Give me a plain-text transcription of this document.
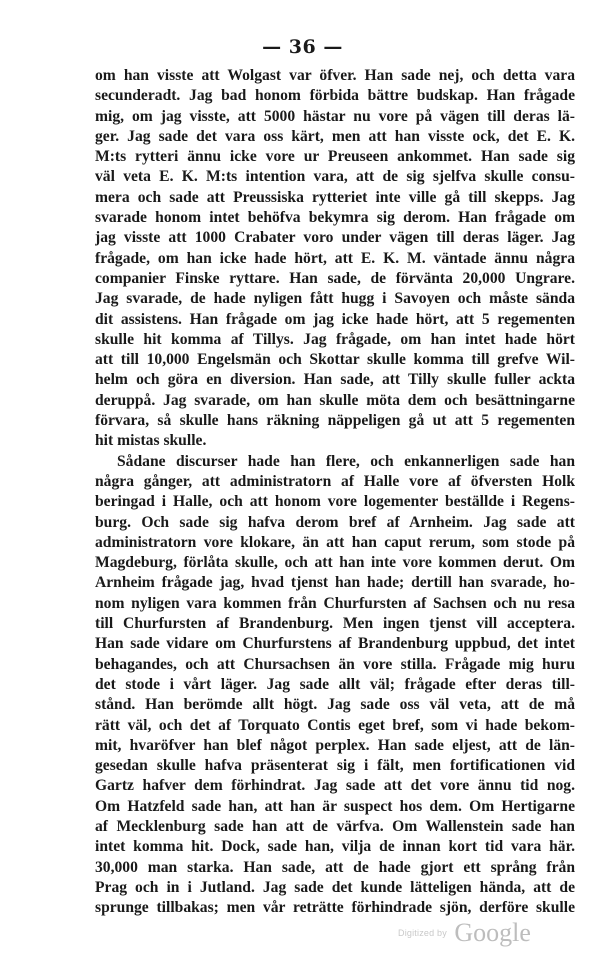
— 36 —
om han visste att Wolgast var öfver. Han sade nej, och detta vara
secunderadt. Jag bad honom förbida bättre budskap. Han frågade
mig, om jag visste, att 5000 hästar nu vore på vägen till deras lä-
ger. Jag sade det vara oss kärt, men att han visste ock, det E. K.
M:ts rytteri ännu icke vore ur Preuseen ankommet. Han sade sig
väl veta E. K. M:ts intention vara, att de sig sjelfva skulle consu-
mera och sade att Preussiska rytteriet inte ville gå till skepps. Jag
svarade honom intet behöfva bekymra sig derom. Han frågade om
jag visste att 1000 Crabater voro under vägen till deras läger. Jag
frågade, om han icke hade hört, att E. K. M. väntade ännu några
companier Finske ryttare. Han sade, de förvänta 20,000 Ungrare.
Jag svarade, de hade nyligen fått hugg i Savoyen och måste sända
dit assistens. Han frågade om jag icke hade hört, att 5 regementen
skulle hit komma af Tillys. Jag frågade, om han intet hade hört
att till 10,000 Engelsmän och Skottar skulle komma till grefve Wil-
helm och göra en diversion. Han sade, att Tilly skulle fuller ackta
deruppå. Jag svarade, om han skulle möta dem och besättningarne
förvara, så skulle hans räkning näppeligen gå ut att 5 regementen
hit mistas skulle.
Sådane discurser hade han flere, och enkannerligen sade han
några gånger, att administratorn af Halle vore af öfversten Holk
beringad i Halle, och att honom vore logementer beställde i Regens-
burg. Och sade sig hafva derom bref af Arnheim. Jag sade att
administratorn vore klokare, än att han caput rerum, som stode på
Magdeburg, förlåta skulle, och att han inte vore kommen derut. Om
Arnheim frågade jag, hvad tjenst han hade; dertill han svarade, ho-
nom nyligen vara kommen från Churfursten af Sachsen och nu resa
till Churfursten af Brandenburg. Men ingen tjenst vill acceptera.
Han sade vidare om Churfurstens af Brandenburg uppbud, det intet
behagandes, och att Chursachsen än vore stilla. Frågade mig huru
det stode i vårt läger. Jag sade allt väl; frågade efter deras till-
stånd. Han berömde allt högt. Jag sade oss väl veta, att de må
rätt väl, och det af Torquato Contis eget bref, som vi hade bekom-
mit, hvaröfver han blef något perplex. Han sade eljest, att de län-
gesedan skulle hafva präsenterat sig i fält, men fortificationen vid
Gartz hafver dem förhindrat. Jag sade att det vore ännu tid nog.
Om Hatzfeld sade han, att han är suspect hos dem. Om Hertigarne
af Mecklenburg sade han att de värfva. Om Wallenstein sade han
intet komma hit. Dock, sade han, vilja de innan kort tid vara här.
30,000 man starka. Han sade, att de hade gjort ett språng från
Prag och in i Jutland. Jag sade det kunde lätteligen hända, att de
sprunge tillbakas; men vår reträtte förhindrade sjön, derföre skulle
Digitized by Google
